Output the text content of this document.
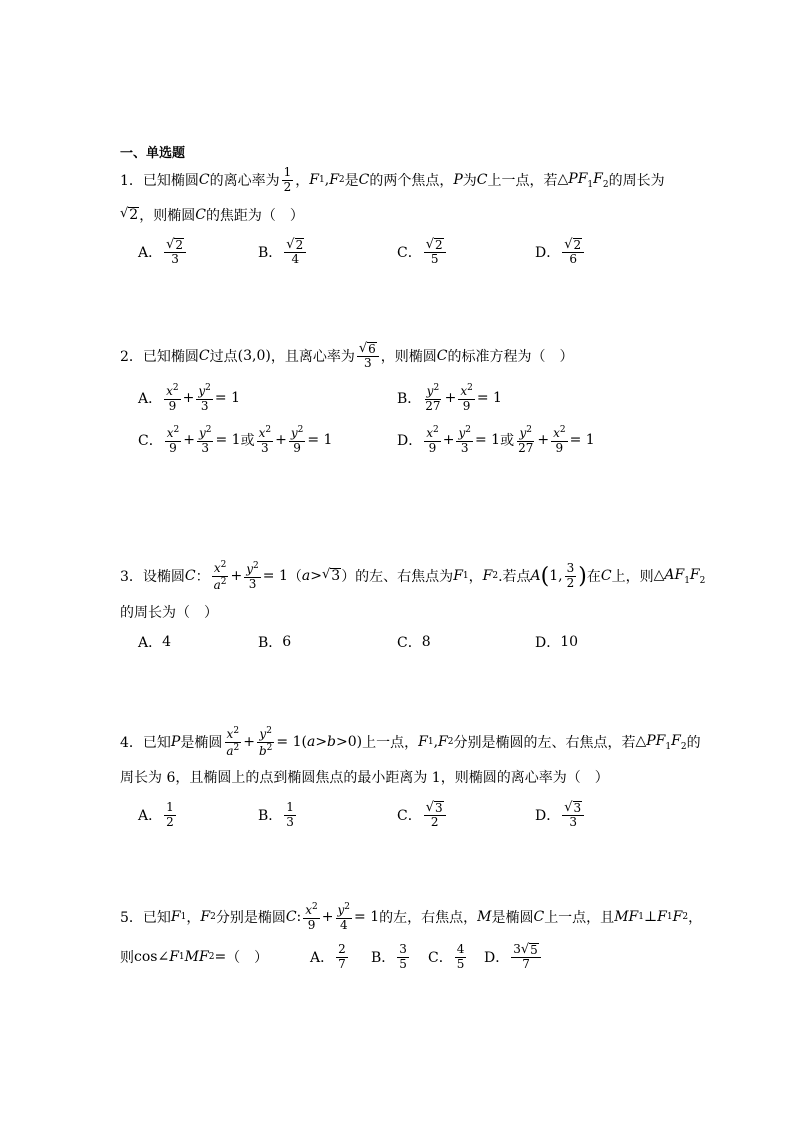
一、单选题
1．已知椭圆 C 的离心率为 $\frac{1}{2}$ ， F 1 , F 2 是 C 的两个焦点， P 为 C 上一点，若 $\triangle PF_1F_2$ 的周长为
√ 2 ，则椭圆 C 的焦距为（　）
A． $\frac{√ 2}{3}$	B． $\frac{√ 2}{4}$	C． $\frac{√ 2}{5}$	D． $\frac{√ 2}{6}$
2．已知椭圆 C 过点 (3,0) ，且离心率为 $\frac{√ 6}{3}$ ，则椭圆 C 的标准方程为（　）
A． $\frac{x^2}{9} + \frac{y^2}{3} = 1$	B． $\frac{y^2}{27} + \frac{x^2}{9} = 1$
C． $\frac{x^2}{9} + \frac{y^2}{3} = 1$ 或 $\frac{x^2}{3} + \frac{y^2}{9} = 1$	D． $\frac{x^2}{9} + \frac{y^2}{3} = 1$ 或 $\frac{y^2}{27} + \frac{x^2}{9} = 1$
3．设椭圆 C ： $\frac{x^2}{a^2} + \frac{y^2}{3} = 1$ （ a > √ 3 ）的左、右焦点为 F 1 ， F 2 .若点 A ( 1, $\frac{3}{2}$ ) 在 C 上，则 $\triangle AF_1F_2$
的周长为（　）
A． 4	B． 6	C． 8	D． 10
4．已知 P 是椭圆 $\frac{x^2}{a^2} + \frac{y^2}{b^2} = 1$( a > b >0) 上一点， F 1 , F 2 分别是椭圆的左、右焦点，若 $\triangle PF_1F_2$ 的
周长为 6，且椭圆上的点到椭圆焦点的最小距离为 1，则椭圆的离心率为（　）
A． $\frac{1}{2}$	B． $\frac{1}{3}$	C． $\frac{√ 3}{2}$	D． $\frac{√ 3}{3}$
5．已知 F 1 ， F 2 分别是椭圆 C : $\frac{x^2}{9} + \frac{y^2}{4} = 1$ 的左，右焦点， M 是椭圆 C 上一点，且 MF 1 ⊥ F 1 F 2 ，
则 cos∠ F 1 MF 2 = （　）	A． $\frac{2}{7}$ B． $\frac{3}{5}$ C． $\frac{4}{5}$ D． $\frac{3 √ 5}{7}$
